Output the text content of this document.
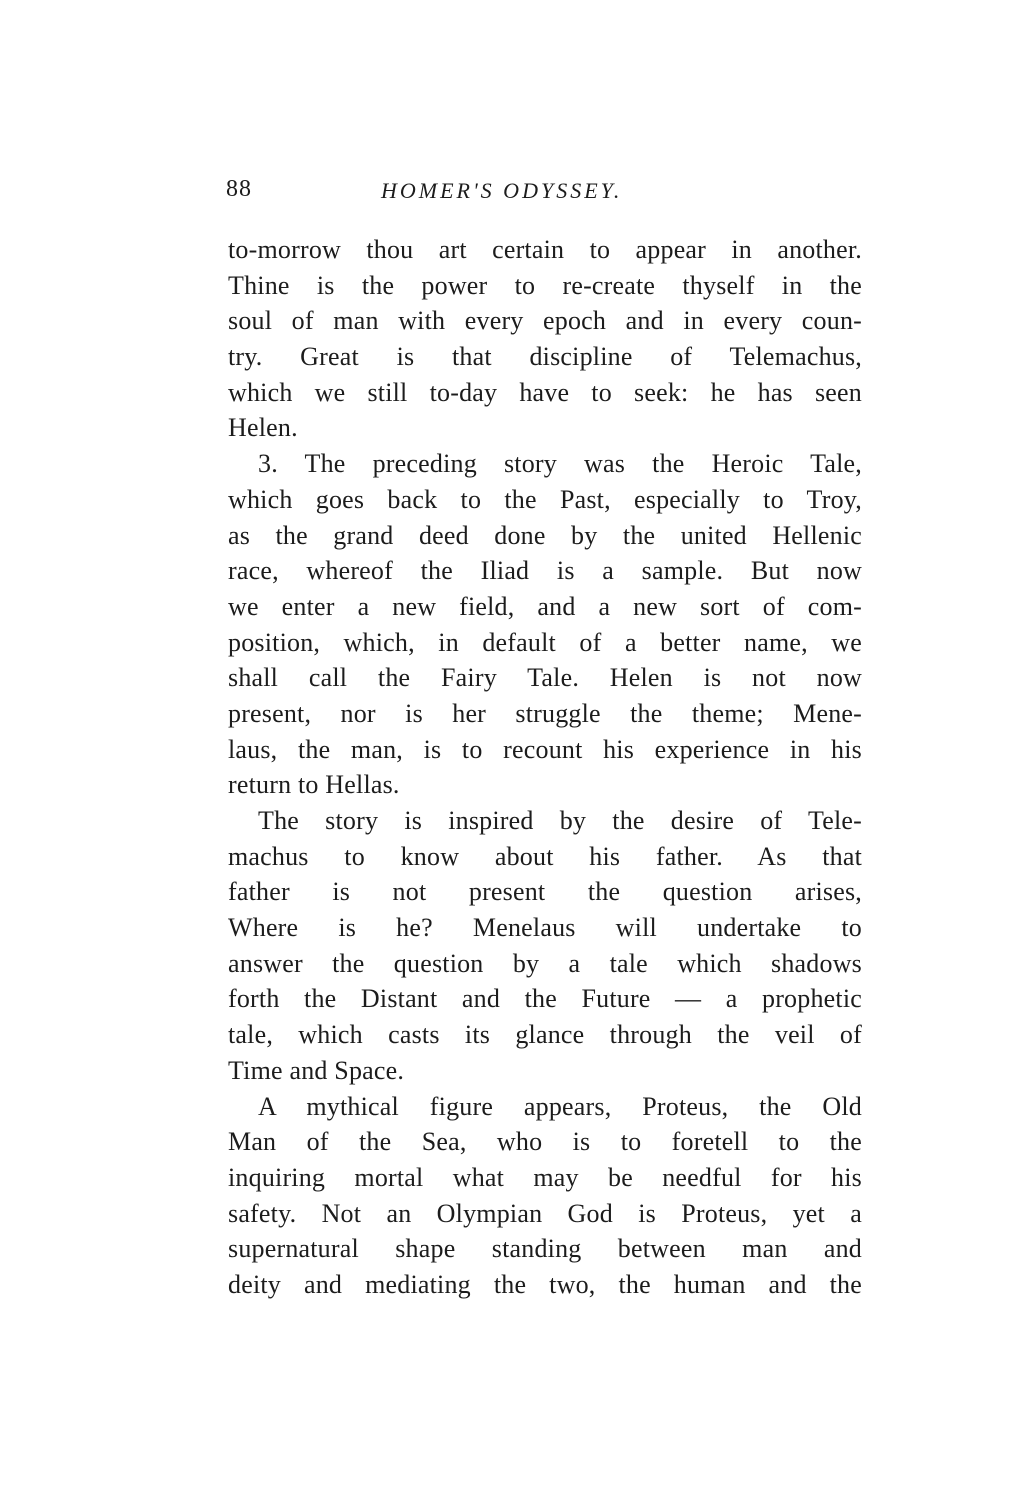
88	HOMER'S ODYSSEY.
to-morrow thou art certain to appear in another.
Thine is the power to re-create thyself in the
soul of man with every epoch and in every coun-
try. Great is that discipline of Telemachus,
which we still to-day have to seek: he has seen
Helen.
3. The preceding story was the Heroic Tale,
which goes back to the Past, especially to Troy,
as the grand deed done by the united Hellenic
race, whereof the Iliad is a sample. But now
we enter a new field, and a new sort of com-
position, which, in default of a better name, we
shall call the Fairy Tale. Helen is not now
present, nor is her struggle the theme; Mene-
laus, the man, is to recount his experience in his
return to Hellas.
The story is inspired by the desire of Tele-
machus to know about his father. As that
father is not present the question arises,
Where is he? Menelaus will undertake to
answer the question by a tale which shadows
forth the Distant and the Future — a prophetic
tale, which casts its glance through the veil of
Time and Space.
A mythical figure appears, Proteus, the Old
Man of the Sea, who is to foretell to the
inquiring mortal what may be needful for his
safety. Not an Olympian God is Proteus, yet a
supernatural shape standing between man and
deity and mediating the two, the human and the
